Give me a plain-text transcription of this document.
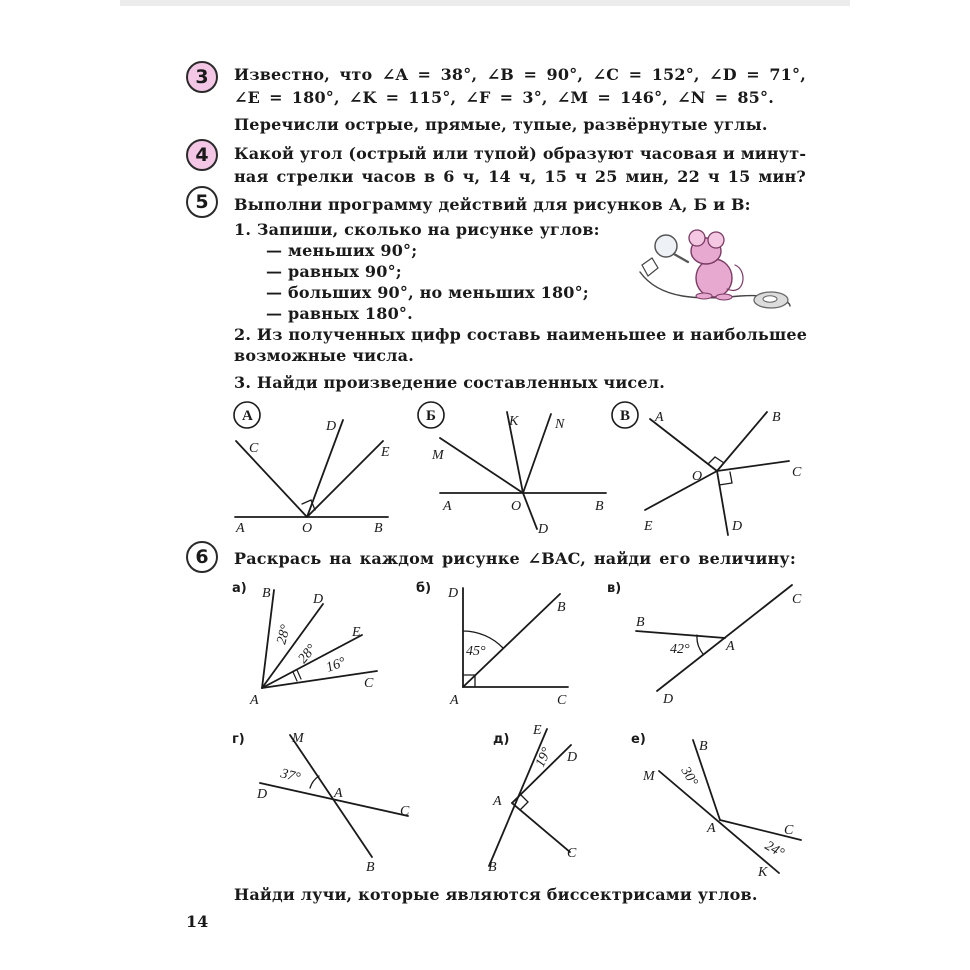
3	Известно, что ∠A = 38°, ∠B = 90°, ∠C = 152°, ∠D = 71°,
∠E = 180°, ∠K = 115°, ∠F = 3°, ∠M = 146°, ∠N = 85°.
Перечисли острые, прямые, тупые, развёрнутые углы.
4	Какой угол (острый или тупой) образуют часовая и минут-
ная стрелки часов в 6 ч, 14 ч, 15 ч 25 мин, 22 ч 15 мин?
5	Выполни программу действий для рисунков А, Б и В:
1. Запиши, сколько на рисунке углов:
— меньших 90°;
— равных 90°;
— больших 90°, но меньших 180°;
— равных 180°.
2. Из полученных цифр составь наименьшее и наибольшее
возможные числа.
3. Найди произведение составленных чисел.
6	Раскрась на каждом рисунке ∠BAC, найди его величину:
Найди лучи, которые являются биссектрисами углов.
14
А	Б	В
A	O	B
C
D
E	M
K	N
A	O	B
D
A	B
O	C
E	D
а)	б)	в)
г)	д)	е)
B	D
E
C
A
28°
28° 16°
D
B
A	C
45°
B
C
A
D
42°
M
D	A
C
B
37°
E
D
A
B
C
19°	B
M
A	C
K
30°
24°
